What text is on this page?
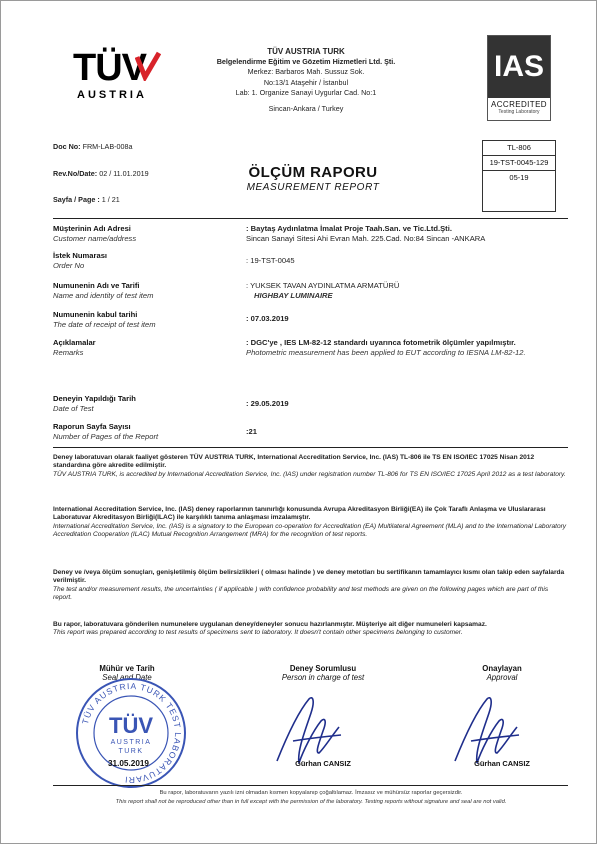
TÜV
AUSTRIA
TÜV AUSTRIA TURK
Belgelendirme Eğitim ve Gözetim Hizmetleri Ltd. Şti.
Merkez: Barbaros Mah. Sussuz Sok.
No:13/1 Ataşehir / İstanbul
Lab: 1. Organize Sanayi Uygurlar Cad. No:1
Sincan-Ankara / Turkey
IAS
ACCREDITED
Testing Laboratory
Doc No: FRM-LAB-008a
Rev.No/Date: 02 / 11.01.2019
Sayfa / Page : 1 / 21
ÖLÇÜM RAPORU
MEASUREMENT REPORT
TL-806
19-TST-0045-129
05-19
Müşterinin Adı Adresi
Customer name/address
: Baytaş Aydınlatma İmalat Proje Taah.San. ve Tic.Ltd.Şti.
Sincan Sanayi Sitesi Ahi Evran Mah. 225.Cad. No:84 Sincan -ANKARA
İstek Numarası
Order No	: 19-TST-0045
Numunenin Adı ve Tarifi
Name and identity of test item
: YUKSEK TAVAN AYDINLATMA ARMATÜRÜ
HIGHBAY LUMINAIRE
Numunenin kabul tarihi
The date of receipt of test item
: 07.03.2019
Açıklamalar
Remarks
: DGC'ye , IES LM-82-12 standardı uyarınca fotometrik ölçümler yapılmıştır.
Photometric measurement has been applied to EUT according to IESNA LM-82-12.
Deneyin Yapıldığı Tarih
Date of Test	: 29.05.2019
Raporun Sayfa Sayısı
Number of Pages of the Report	:21
Deney laboratuvarı olarak faaliyet gösteren TÜV AUSTRIA TURK, International Accreditation Service, Inc. (IAS) TL-806 ile TS EN ISO/IEC 17025 Nisan 2012 standardına göre akredite edilmiştir.
TÜV AUSTRIA TURK, is accredited by International Accreditation Service, Inc. (IAS) under registration number TL-806 for TS EN ISO/IEC 17025 April 2012 as a test laboratory.
International Accreditation Service, Inc. (IAS) deney raporlarının tanınırlığı konusunda Avrupa Akreditasyon Birliği(EA) ile Çok Taraflı Anlaşma ve Uluslararası Laboratuvar Akreditasyon Birliği(ILAC) ile karşılıklı tanıma anlaşması imzalamıştır.
International Accreditation Service, Inc. (IAS) is a signatory to the European co-operation for Accreditation (EA) Multilateral Agreement (MLA) and to the International Laboratory Accreditation Cooperation (ILAC) Mutual Recognition Arrangement (MRA) for the recognition of test reports.
Deney ve /veya ölçüm sonuçları, genişletilmiş ölçüm belirsizlikleri ( olması halinde ) ve deney metotları bu sertifikanın tamamlayıcı kısmı olan takip eden sayfalarda verilmiştir.
The test and/or measurement results, the uncertainties ( if applicable ) with confidence probability and test methods are given on the following pages which are part of this report.
Bu rapor, laboratuvara gönderilen numunelere uygulanan deney/deneyler sonucu hazırlanmıştır. Müşteriye ait diğer numuneleri kapsamaz.
This report was prepared according to test results of specimens sent to laboratory. It doesn't contain other specimens belonging to customer.
Mühür ve Tarih
Seal and Date
Deney Sorumlusu
Person in charge of test
Onaylayan
Approval
TÜV AUSTRIA TURK TEST LABORATUVARI
TÜV
AUSTRIA
TURK
31.05.2019	Gürhan CANSIZ	Gürhan CANSIZ
Bu rapor, laboratuvarın yazılı izni olmadan kısmen kopyalanıp çoğaltılamaz. İmzasız ve mühürsüz raporlar geçersizdir.
This report shall not be reproduced other than in full except with the permission of the laboratory. Testing reports without signature and seal are not valid.
